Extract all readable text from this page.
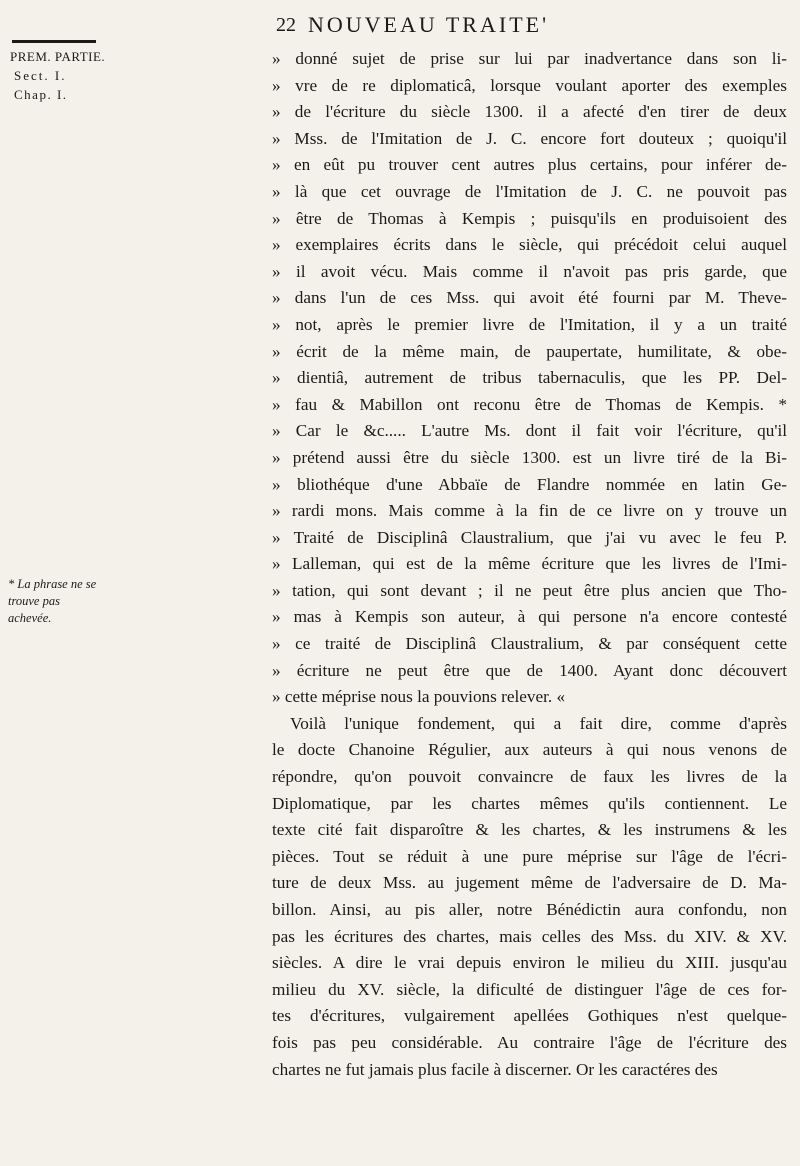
22 NOUVEAU TRAITE'
PREM. PARTIE.
Sect. I.
Chap. I.
* La phrase ne se trouve pas achevée.
» donné sujet de prise sur lui par inadvertance dans son li-
» vre de re diplomaticâ, lorsque voulant aporter des exemples
» de l'écriture du siècle 1300. il a afecté d'en tirer de deux
» Mss. de l'Imitation de J. C. encore fort douteux ; quoiqu'il
» en eût pu trouver cent autres plus certains, pour inférer de-
» là que cet ouvrage de l'Imitation de J. C. ne pouvoit pas
» être de Thomas à Kempis ; puisqu'ils en produisoient des
» exemplaires écrits dans le siècle, qui précédoit celui auquel
» il avoit vécu. Mais comme il n'avoit pas pris garde, que
» dans l'un de ces Mss. qui avoit été fourni par M. Theve-
» not, après le premier livre de l'Imitation, il y a un traité
» écrit de la même main, de paupertate, humilitate, & obe-
» dientiâ, autrement de tribus tabernaculis, que les PP. Del-
» fau & Mabillon ont reconu être de Thomas de Kempis. *
» Car le &c..... L'autre Ms. dont il fait voir l'écriture, qu'il
» prétend aussi être du siècle 1300. est un livre tiré de la Bi-
» bliothéque d'une Abbaïe de Flandre nommée en latin Ge-
» rardi mons. Mais comme à la fin de ce livre on y trouve un
» Traité de Disciplinâ Claustralium, que j'ai vu avec le feu P.
» Lalleman, qui est de la même écriture que les livres de l'Imi-
» tation, qui sont devant ; il ne peut être plus ancien que Tho-
» mas à Kempis son auteur, à qui persone n'a encore contesté
» ce traité de Disciplinâ Claustralium, & par conséquent cette
» écriture ne peut être que de 1400. Ayant donc découvert
» cette méprise nous la pouvions relever. «
Voilà l'unique fondement, qui a fait dire, comme d'après
le docte Chanoine Régulier, aux auteurs à qui nous venons de
répondre, qu'on pouvoit convaincre de faux les livres de la
Diplomatique, par les chartes mêmes qu'ils contiennent. Le
texte cité fait disparoître & les chartes, & les instrumens & les
pièces. Tout se réduit à une pure méprise sur l'âge de l'écri-
ture de deux Mss. au jugement même de l'adversaire de D. Ma-
billon. Ainsi, au pis aller, notre Bénédictin aura confondu, non
pas les écritures des chartes, mais celles des Mss. du XIV. & XV.
siècles. A dire le vrai depuis environ le milieu du XIII. jusqu'au
milieu du XV. siècle, la dificulté de distinguer l'âge de ces for-
tes d'écritures, vulgairement apellées Gothiques n'est quelque-
fois pas peu considérable. Au contraire l'âge de l'écriture des
chartes ne fut jamais plus facile à discerner. Or les caractéres des
